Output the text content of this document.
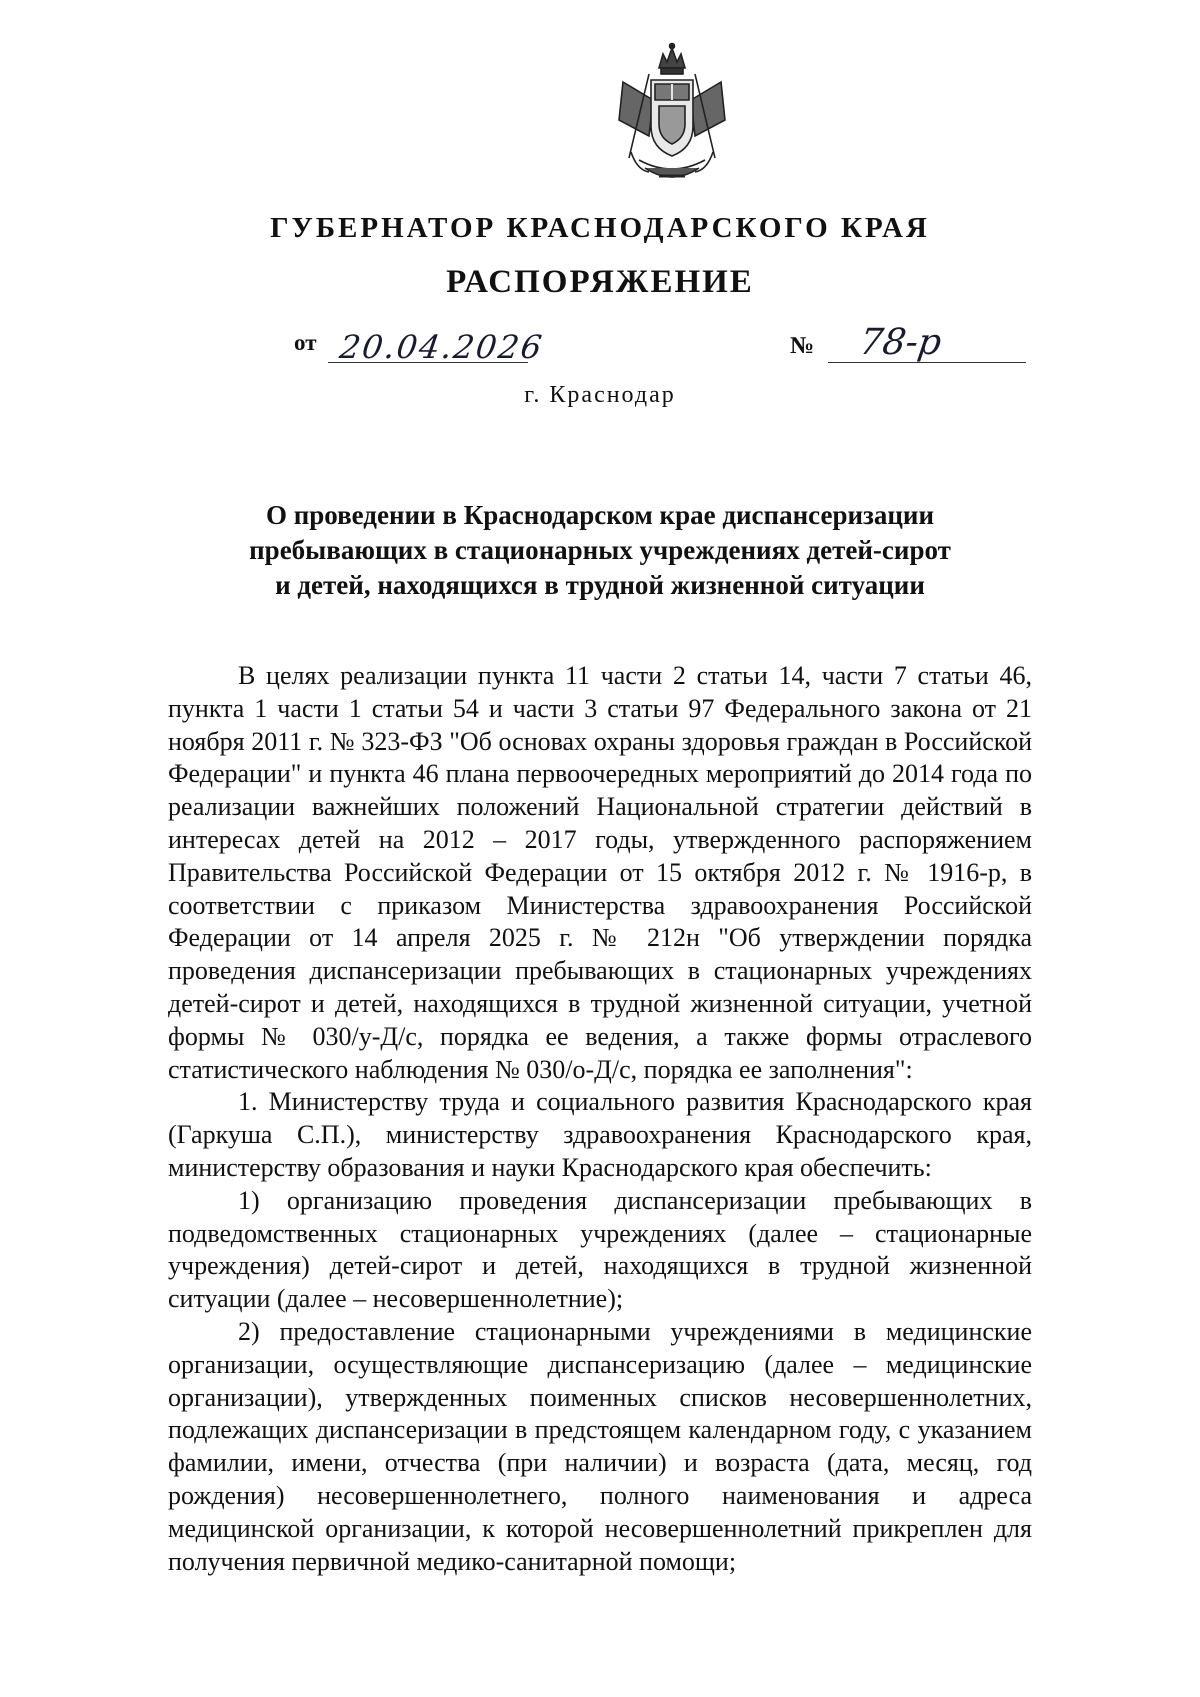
ГУБЕРНАТОР КРАСНОДАРСКОГО КРАЯ
РАСПОРЯЖЕНИЕ
от 20.04.2026	№ 78-р
г. Краснодар
О проведении в Краснодарском крае диспансеризации
пребывающих в стационарных учреждениях детей-сирот
и детей, находящихся в трудной жизненной ситуации

В целях реализации пункта 11 части 2 статьи 14, части 7 статьи 46, пункта 1 части 1 статьи 54 и части 3 статьи 97 Федерального закона от 21 ноября 2011 г. № 323-ФЗ "Об основах охраны здоровья граждан в Российской Федерации" и пункта 46 плана первоочередных мероприятий до 2014 года по реализации важнейших положений Национальной стратегии действий в интересах детей на 2012 – 2017 годы, утвержденного распоряжением Правительства Российской Федерации от 15 октября 2012 г. № 1916-р, в соответствии с приказом Министерства здравоохранения Российской Федерации от 14 апреля 2025 г. № 212н "Об утверждении порядка проведения диспансеризации пребывающих в стационарных учреждениях детей-сирот и детей, находящихся в трудной жизненной ситуации, учетной формы № 030/у-Д/с, порядка ее ведения, а также формы отраслевого статистического наблюдения № 030/о-Д/с, порядка ее заполнения":

1. Министерству труда и социального развития Краснодарского края (Гаркуша С.П.), министерству здравоохранения Краснодарского края, министерству образования и науки Краснодарского края обеспечить:

1) организацию проведения диспансеризации пребывающих в подведомственных стационарных учреждениях (далее – стационарные учреждения) детей-сирот и детей, находящихся в трудной жизненной ситуации (далее – несовершеннолетние);

2) предоставление стационарными учреждениями в медицинские организации, осуществляющие диспансеризацию (далее – медицинские организации), утвержденных поименных списков несовершеннолетних, подлежащих диспансеризации в предстоящем календарном году, с указанием фамилии, имени, отчества (при наличии) и возраста (дата, месяц, год рождения) несовершеннолетнего, полного наименования и адреса медицинской организации, к которой несовершеннолетний прикреплен для получения первичной медико-санитарной помощи;
